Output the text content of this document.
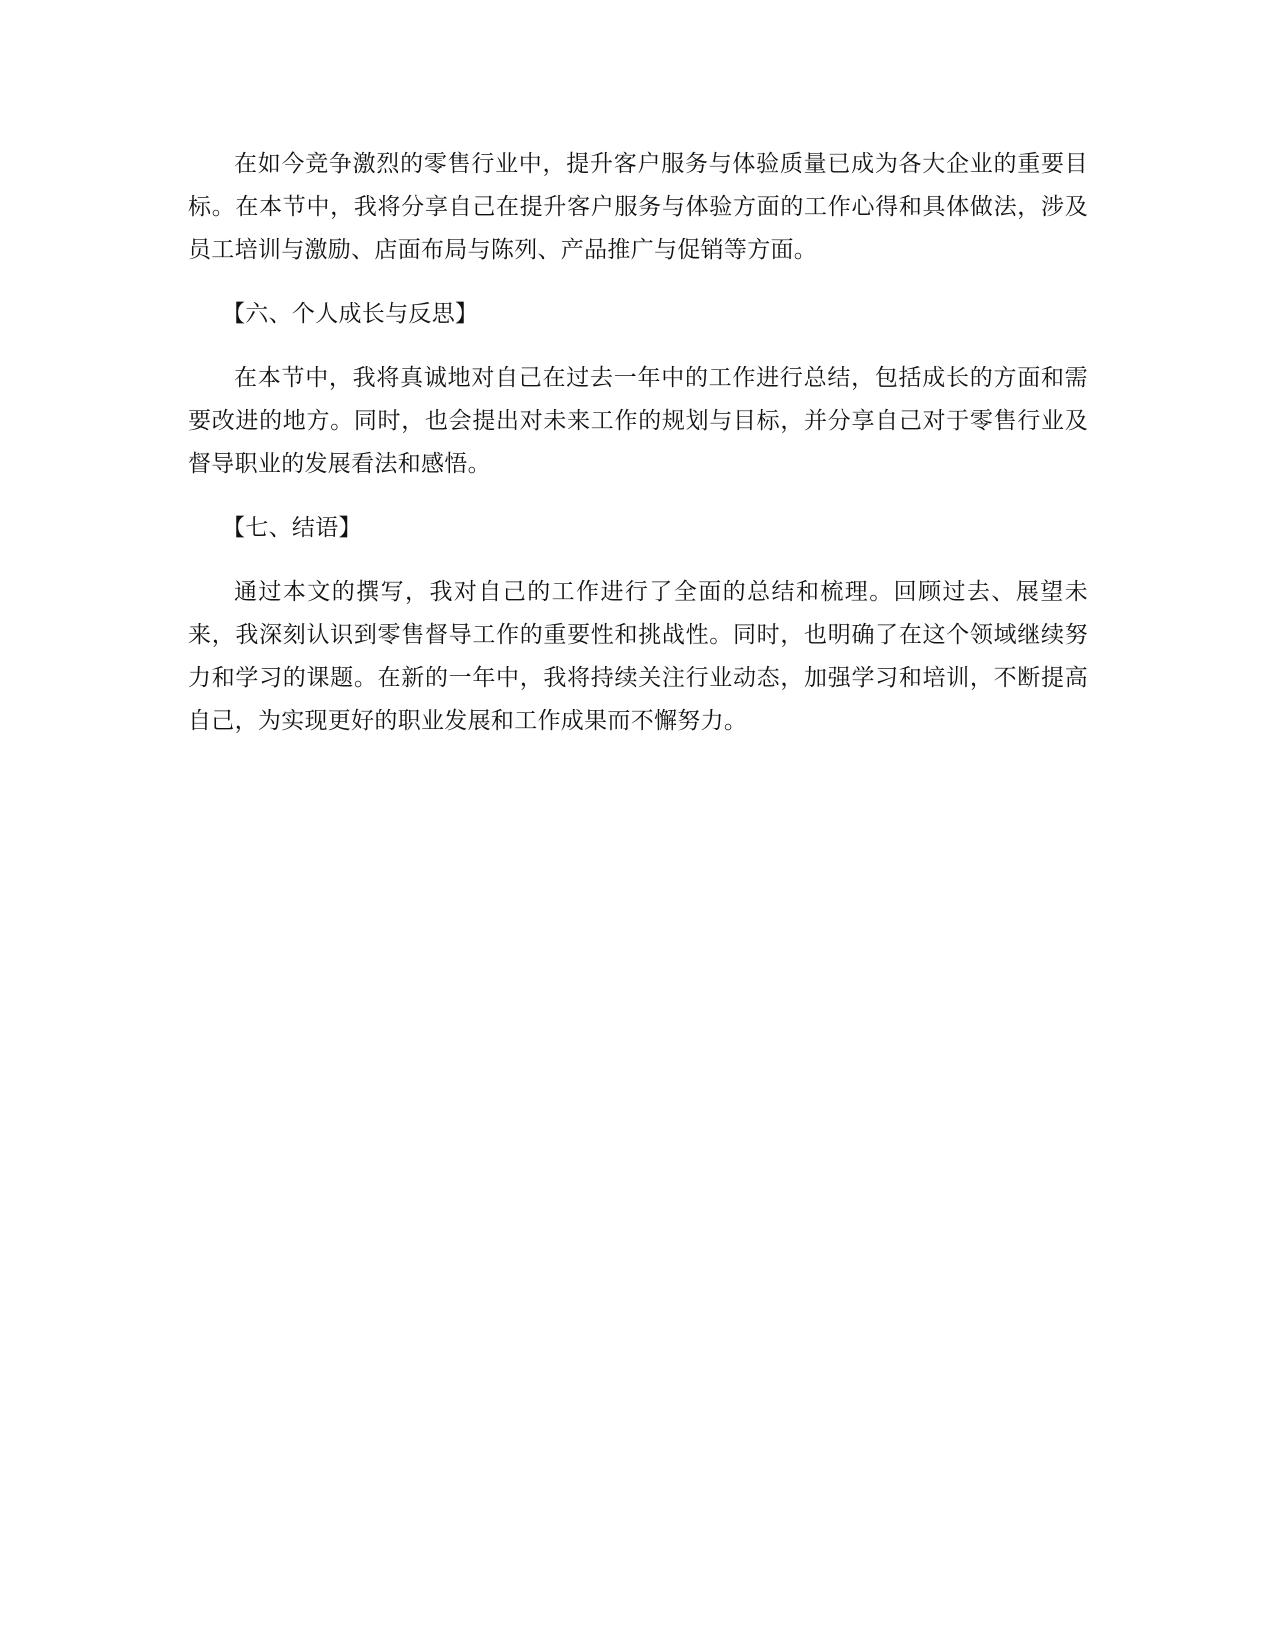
在如今竞争激烈的零售行业中，提升客户服务与体验质量已成为各大企业的重要目标。在本节中，我将分享自己在提升客户服务与体验方面的工作心得和具体做法，涉及员工培训与激励、店面布局与陈列、产品推广与促销等方面。

【六、个人成长与反思】

在本节中，我将真诚地对自己在过去一年中的工作进行总结，包括成长的方面和需要改进的地方。同时，也会提出对未来工作的规划与目标，并分享自己对于零售行业及督导职业的发展看法和感悟。

【七、结语】

通过本文的撰写，我对自己的工作进行了全面的总结和梳理。回顾过去、展望未来，我深刻认识到零售督导工作的重要性和挑战性。同时，也明确了在这个领域继续努力和学习的课题。在新的一年中，我将持续关注行业动态，加强学习和培训，不断提高自己，为实现更好的职业发展和工作成果而不懈努力。
